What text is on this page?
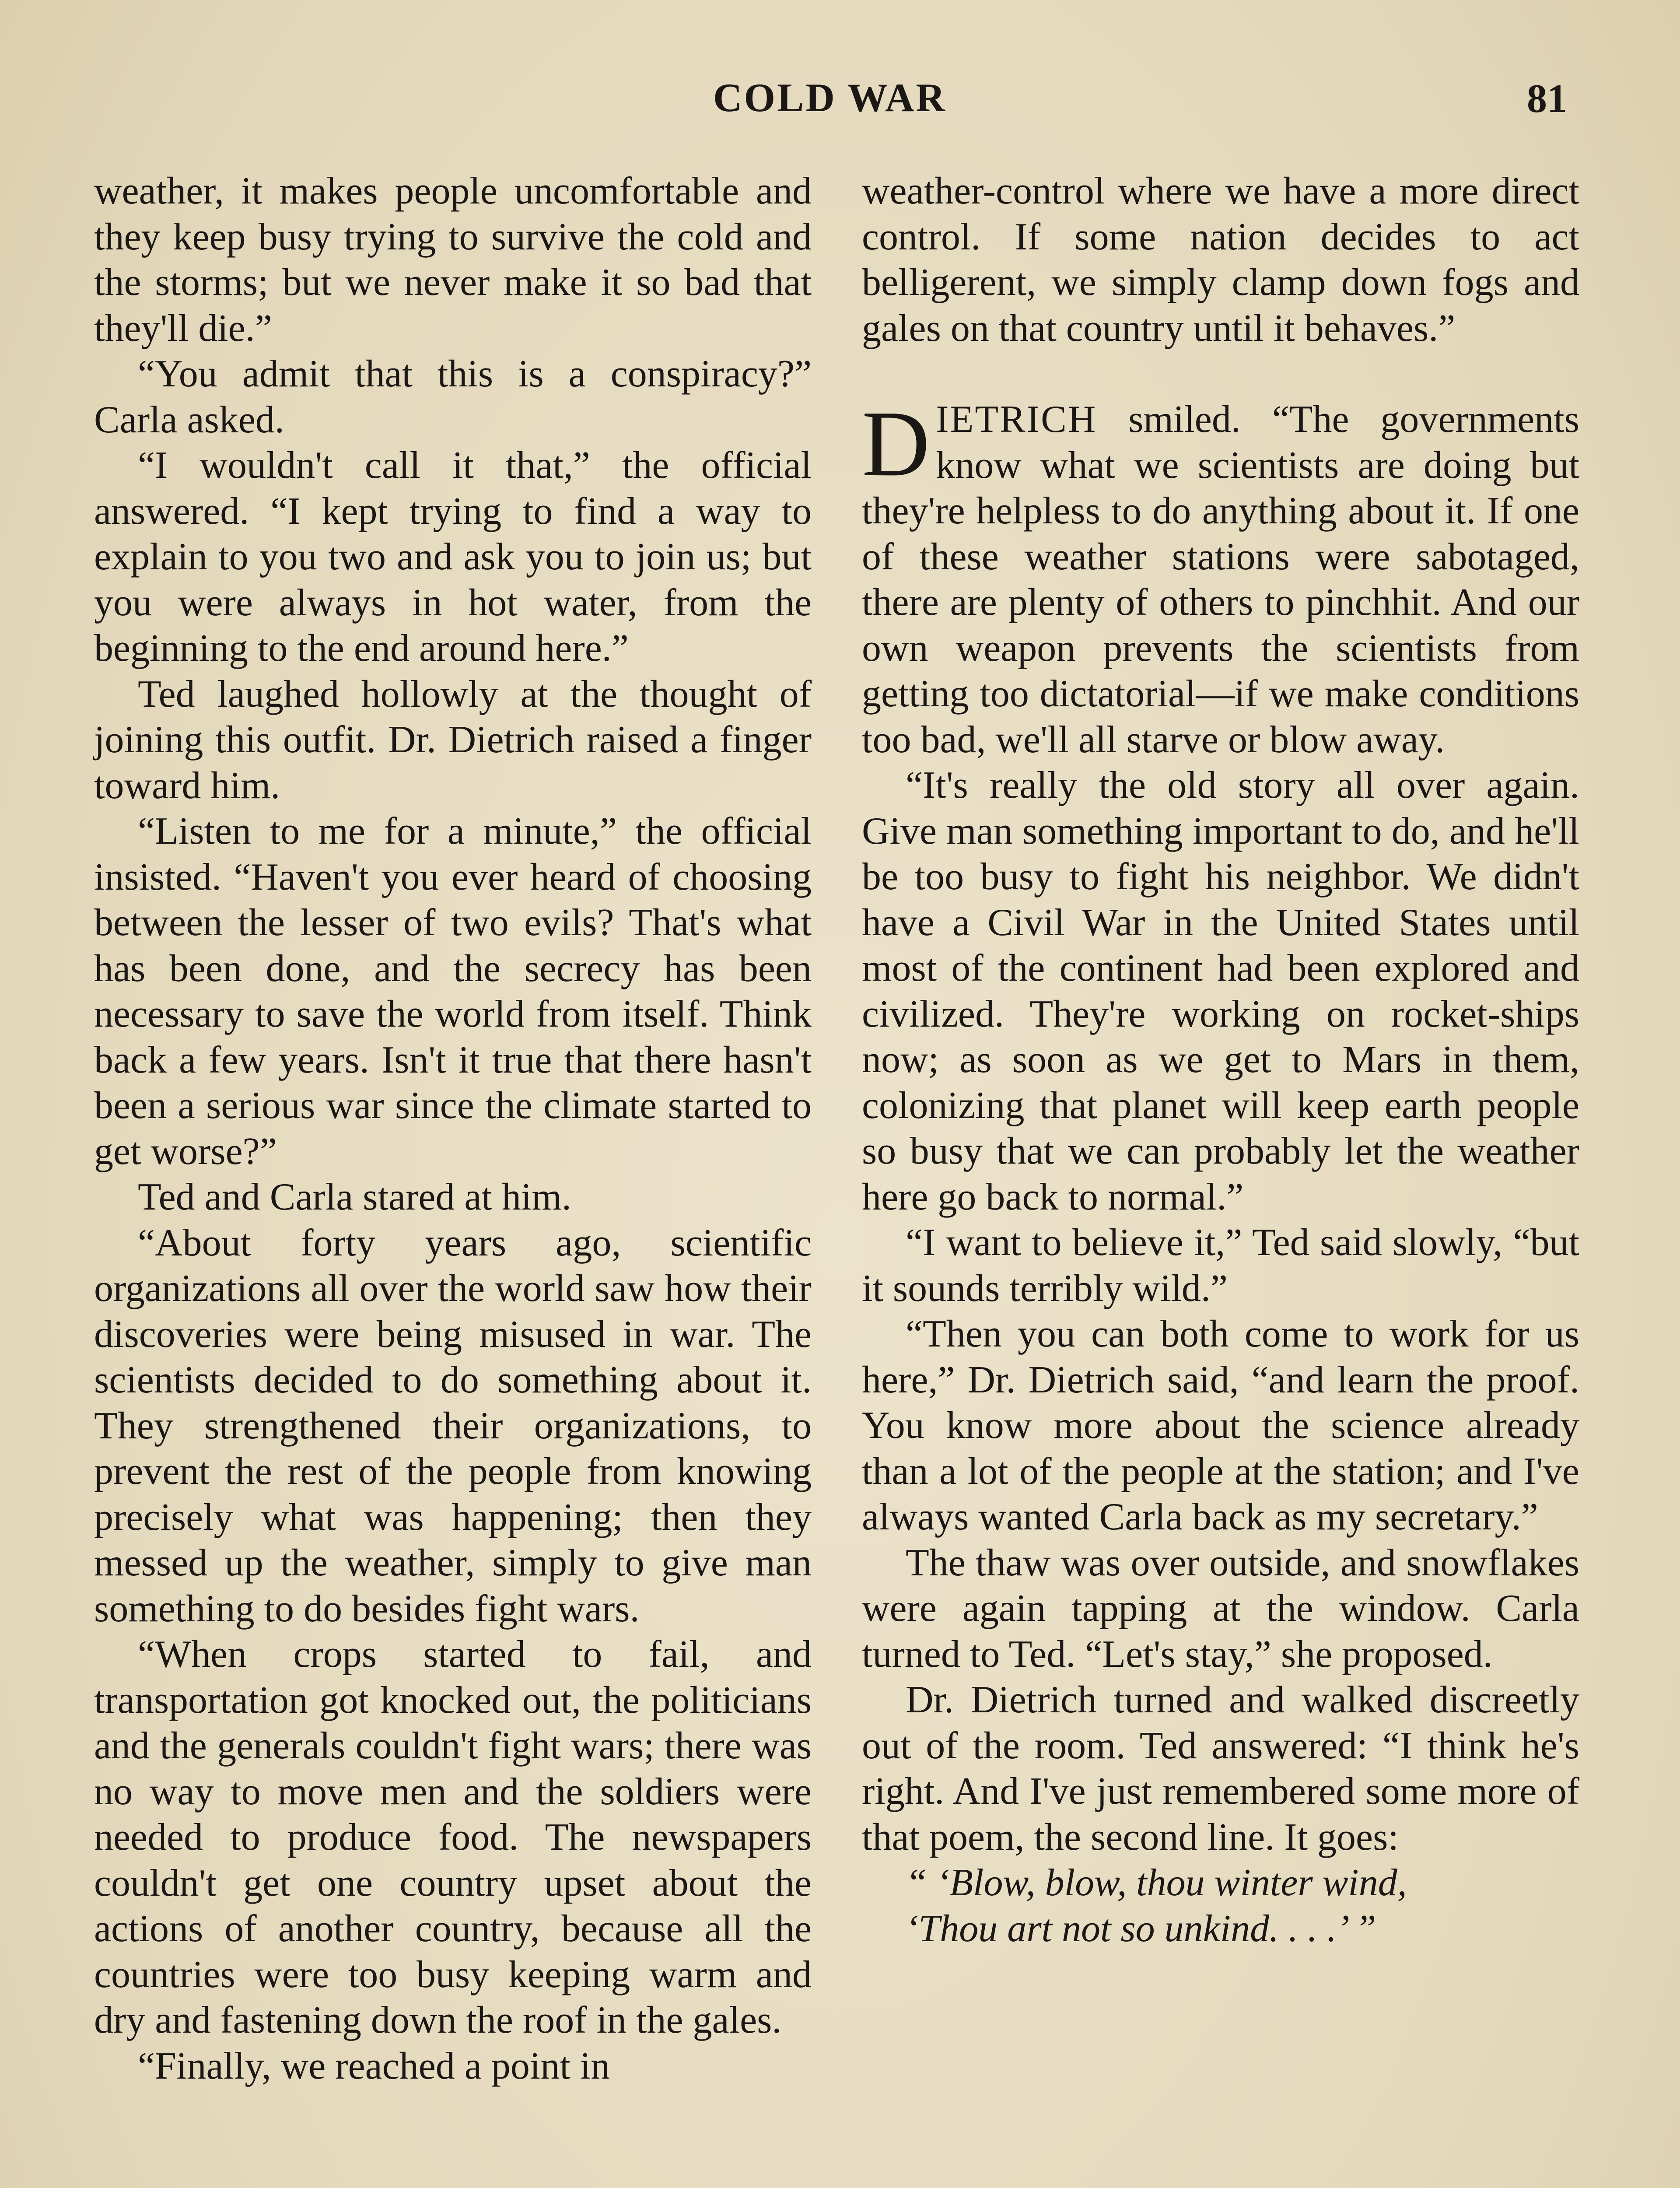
COLD WAR	81

weather, it makes people uncomfortable and they keep busy trying to survive the cold and the storms; but we never make it so bad that they'll die.”

“You admit that this is a conspiracy?” Carla asked.

“I wouldn't call it that,” the official answered. “I kept trying to find a way to explain to you two and ask you to join us; but you were always in hot water, from the beginning to the end around here.”

Ted laughed hollowly at the thought of joining this outfit. Dr. Dietrich raised a finger toward him.

“Listen to me for a minute,” the official insisted. “Haven't you ever heard of choosing between the lesser of two evils? That's what has been done, and the secrecy has been necessary to save the world from itself. Think back a few years. Isn't it true that there hasn't been a serious war since the climate started to get worse?”

Ted and Carla stared at him.

“About forty years ago, scientific organizations all over the world saw how their discoveries were being misused in war. The scientists decided to do something about it. They strengthened their organizations, to prevent the rest of the people from knowing precisely what was happening; then they messed up the weather, simply to give man something to do besides fight wars.

“When crops started to fail, and transportation got knocked out, the politicians and the generals couldn't fight wars; there was no way to move men and the soldiers were needed to produce food. The newspapers couldn't get one country upset about the actions of another country, because all the countries were too busy keeping warm and dry and fastening down the roof in the gales.

“Finally, we reached a point in

weather-control where we have a more direct control. If some nation decides to act belligerent, we simply clamp down fogs and gales on that country until it behaves.”

DIETRICH smiled. “The governments know what we scientists are doing but they're helpless to do anything about it. If one of these weather stations were sabotaged, there are plenty of others to pinchhit. And our own weapon prevents the scientists from getting too dictatorial—if we make conditions too bad, we'll all starve or blow away.

“It's really the old story all over again. Give man something important to do, and he'll be too busy to fight his neighbor. We didn't have a Civil War in the United States until most of the continent had been explored and civilized. They're working on rocket-ships now; as soon as we get to Mars in them, colonizing that planet will keep earth people so busy that we can probably let the weather here go back to normal.”

“I want to believe it,” Ted said slowly, “but it sounds terribly wild.”

“Then you can both come to work for us here,” Dr. Dietrich said, “and learn the proof. You know more about the science already than a lot of the people at the station; and I've always wanted Carla back as my secretary.”

The thaw was over outside, and snowflakes were again tapping at the window. Carla turned to Ted. “Let's stay,” she proposed.

Dr. Dietrich turned and walked discreetly out of the room. Ted answered: “I think he's right. And I've just remembered some more of that poem, the second line. It goes:

“ ‘Blow, blow, thou winter wind,

‘Thou art not so unkind. . . .’ ”
